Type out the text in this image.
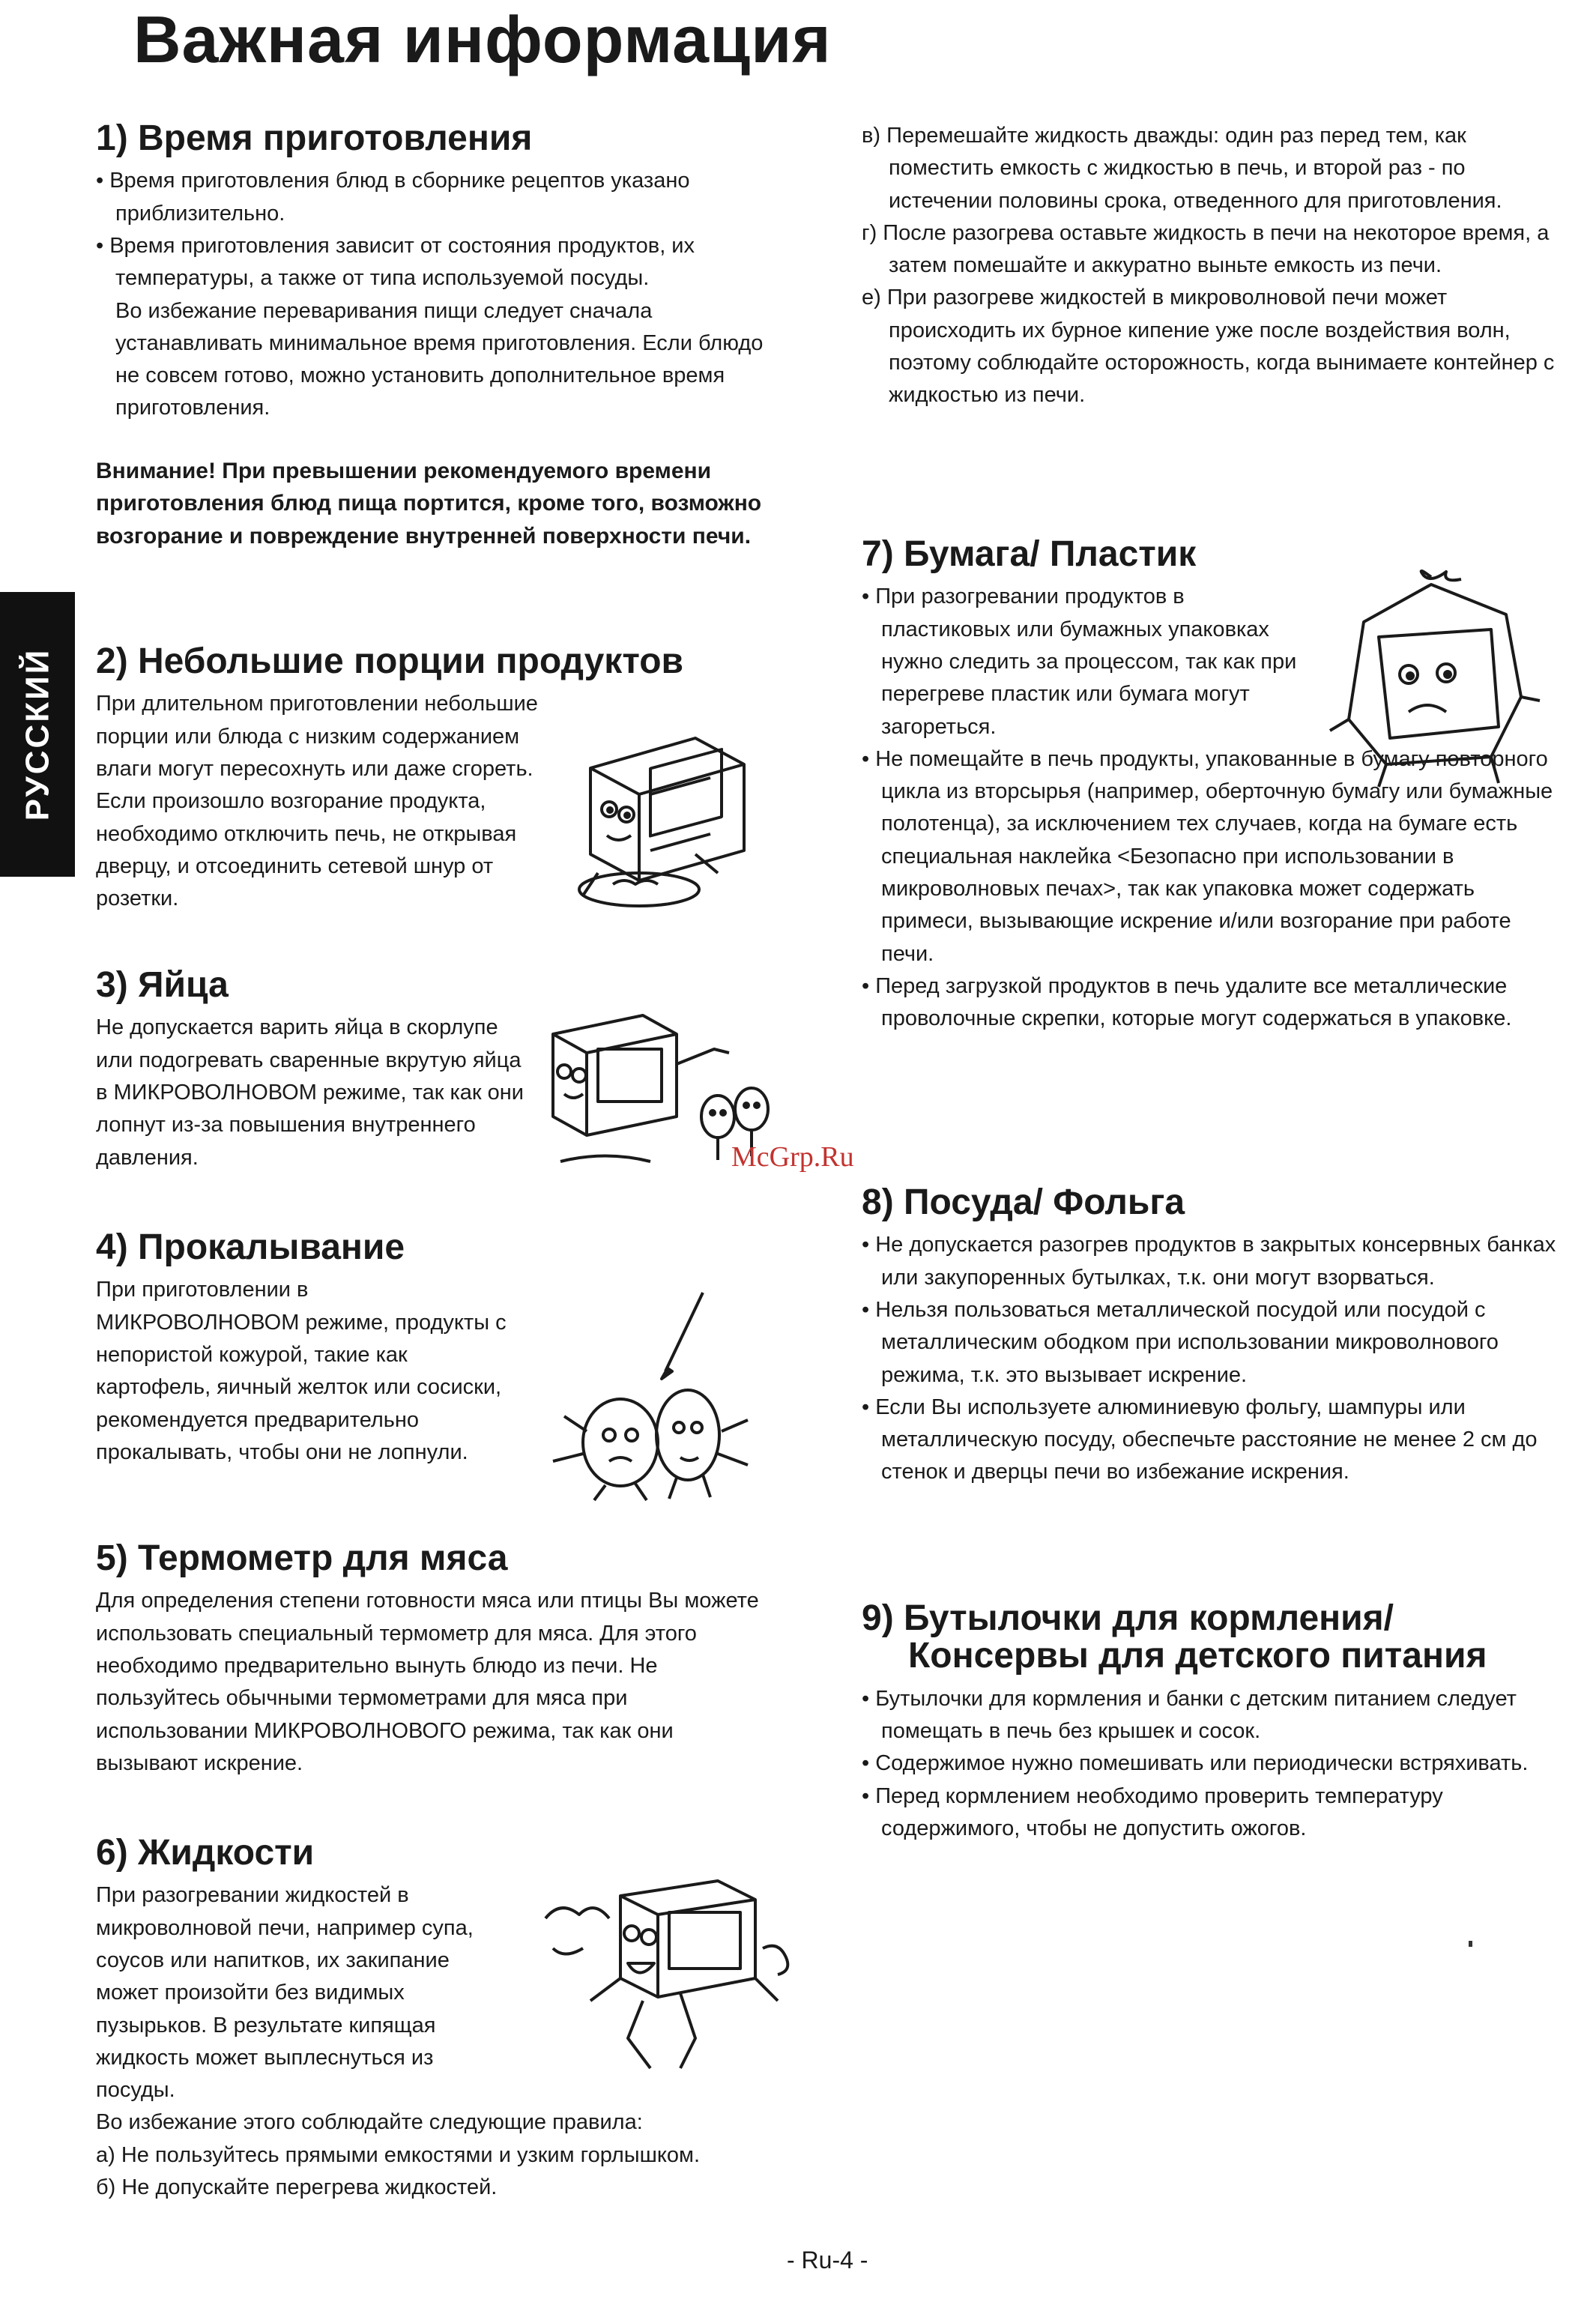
Важная информация
РУССКИЙ
1) Время приготовления
• Время приготовления блюд в сборнике рецептов указано приблизительно.
• Время приготовления зависит от состояния продуктов, их температуры, а также от типа используемой посуды.
Во избежание переваривания пищи следует сначала устанавливать минимальное время приготовления. Если блюдо не совсем готово, можно установить дополнительное время приготовления.
Внимание! При превышении рекомендуемого времени приготовления блюд пища портится, кроме того, возможно возгорание и повреждение внутренней поверхности печи.
2) Небольшие порции продуктов
При длительном приготовлении небольшие порции или блюда с низким содержанием влаги могут пересохнуть или даже сгореть. Если произошло возгорание продукта, необходимо отключить печь, не открывая дверцу, и отсоединить сетевой шнур от розетки.
3) Яйца
Не допускается варить яйца в скорлупе или подогревать сваренные вкрутую яйца в МИКРОВОЛНОВОМ режиме, так как они лопнут из-за повышения внутреннего давления.
4) Прокалывание
При приготовлении в МИКРОВОЛНОВОМ режиме, продукты с непористой кожурой, такие как картофель, яичный желток или сосиски, рекомендуется предварительно прокалывать, чтобы они не лопнули.
5) Термометр для мяса
Для определения степени готовности мяса или птицы Вы можете использовать специальный термометр для мяса. Для этого необходимо предварительно вынуть блюдо из печи. Не пользуйтесь обычными термометрами для мяса при использовании МИКРОВОЛНОВОГО режима, так как они вызывают искрение.
6) Жидкости
При разогревании жидкостей в микроволновой печи, например супа, соусов или напитков, их закипание может произойти без видимых пузырьков. В результате кипящая жидкость может выплеснуться из посуды.
Во избежание этого соблюдайте следующие правила:
а) Не пользуйтесь прямыми емкостями и узким горлышком.
б) Не допускайте перегрева жидкостей.
в) Перемешайте жидкость дважды: один раз перед тем, как поместить емкость с жидкостью в печь, и второй раз - по истечении половины срока, отведенного для приготовления.
г) После разогрева оставьте жидкость в печи на некоторое время, а затем помешайте и аккуратно выньте емкость из печи.
е) При разогреве жидкостей в микроволновой печи может происходить их бурное кипение уже после воздействия волн, поэтому соблюдайте осторожность, когда вынимаете контейнер с жидкостью из печи.
7) Бумага/ Пластик
• При разогревании продуктов в пластиковых или бумажных упаковках нужно следить за процессом, так как при перегреве пластик или бумага могут загореться.
• Не помещайте в печь продукты, упакованные в бумагу повторного цикла из вторсырья (например, оберточную бумагу или бумажные полотенца), за исключением тех случаев, когда на бумаге есть специальная наклейка <Безопасно при использовании в микроволновых печах>, так как упаковка может содержать примеси, вызывающие искрение и/или возгорание при работе печи.
• Перед загрузкой продуктов в печь удалите все металлические проволочные скрепки, которые могут содержаться в упаковке.
8) Посуда/ Фольга
• Не допускается разогрев продуктов в закрытых консервных банках или закупоренных бутылках, т.к. они могут взорваться.
• Нельзя пользоваться металлической посудой или посудой с металлическим ободком при использовании микроволнового режима, т.к. это вызывает искрение.
• Если Вы используете алюминиевую фольгу, шампуры или металлическую посуду, обеспечьте расстояние не менее 2 см до стенок и дверцы печи во избежание искрения.
9) Бутылочки для кормления/
Консервы для детского питания
• Бутылочки для кормления и банки с детским питанием следует помещать в печь без крышек и сосок.
• Содержимое нужно помешивать или периодически встряхивать.
• Перед кормлением необходимо проверить температуру содержимого, чтобы не допустить ожогов.
McGrp.Ru
- Ru-4 -
